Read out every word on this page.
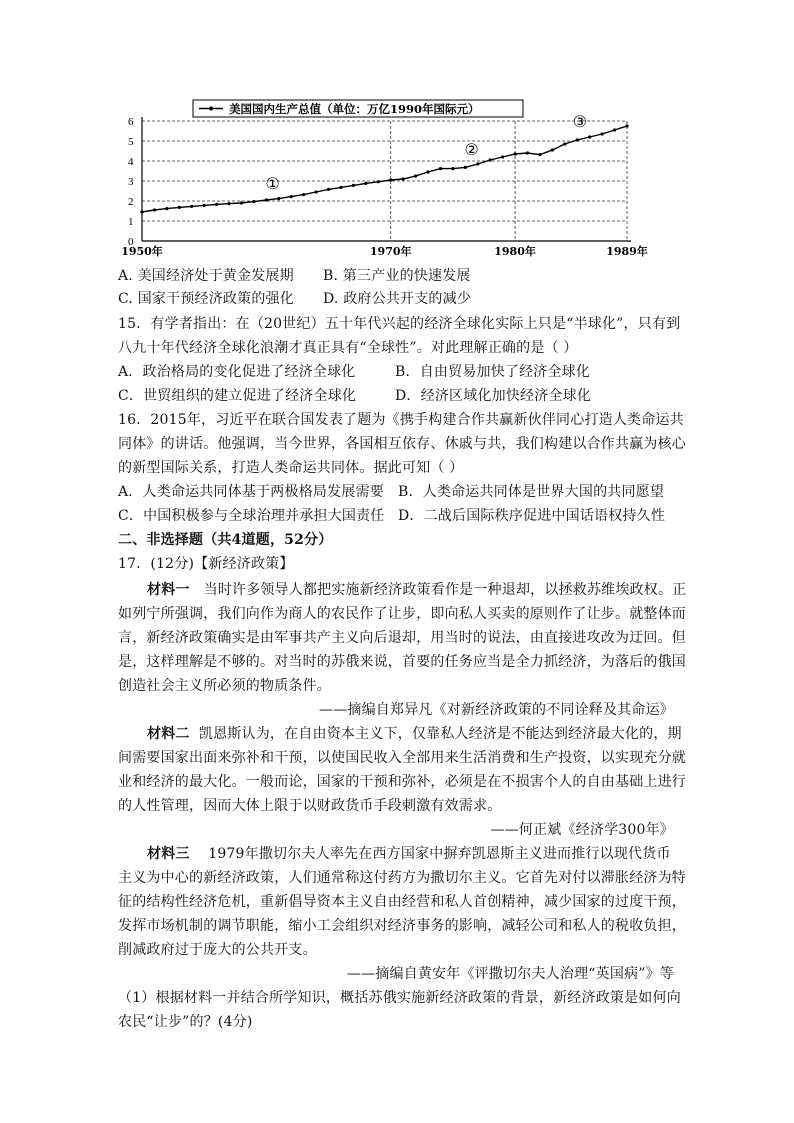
0
1
2
3
4
5
6
1950年	1970年	1980年	1989年
美国国内生产总值（单位：万亿1990年国际元）
①
②
③
A. 美国经济处于黄金发展期 B. 第三产业的快速发展
C. 国家干预经济政策的强化 D. 政府公共开支的减少
15．有学者指出：在（20世纪）五十年代兴起的经济全球化实际上只是“半球化”，只有到
八九十年代经济全球化浪潮才真正具有“全球性”。对此理解正确的是（ ）
A．政治格局的变化促进了经济全球化	B．自由贸易加快了经济全球化
C．世贸组织的建立促进了经济全球化	D．经济区域化加快经济全球化
16．2015年，习近平在联合国发表了题为《携手构建合作共赢新伙伴同心打造人类命运共
同体》的讲话。他强调，当今世界，各国相互依存、休戚与共，我们构建以合作共赢为核心
的新型国际关系，打造人类命运共同体。据此可知（ ）
A．人类命运共同体基于两极格局发展需要 B．人类命运共同体是世界大国的共同愿望
C．中国积极参与全球治理并承担大国责任 D．二战后国际秩序促进中国话语权持久性
二、非选择题（共4道题，52分）
17．(12分)【新经济政策】
材料一 当时许多领导人都把实施新经济政策看作是一种退却，以拯救苏维埃政权。正
如列宁所强调，我们向作为商人的农民作了让步，即向私人买卖的原则作了让步。就整体而
言，新经济政策确实是由军事共产主义向后退却，用当时的说法，由直接进攻改为迂回。但
是，这样理解是不够的。对当时的苏俄来说，首要的任务应当是全力抓经济，为落后的俄国
创造社会主义所必须的物质条件。
——摘编自郑异凡《对新经济政策的不同诠释及其命运》
材料二 凯恩斯认为，在自由资本主义下，仅靠私人经济是不能达到经济最大化的，期
间需要国家出面来弥补和干预，以使国民收入全部用来生活消费和生产投资，以实现充分就
业和经济的最大化。一般而论，国家的干预和弥补，必须是在不损害个人的自由基础上进行
的人性管理，因而大体上限于以财政货币手段刺激有效需求。
——何正斌《经济学300年》
材料三 1979年撒切尔夫人率先在西方国家中摒弃凯恩斯主义进而推行以现代货币
主义为中心的新经济政策，人们通常称这付药方为撒切尔主义。它首先对付以滞胀经济为特
征的结构性经济危机，重新倡导资本主义自由经营和私人首创精神，减少国家的过度干预，
发挥市场机制的调节职能，缩小工会组织对经济事务的影响，减轻公司和私人的税收负担，
削减政府过于庞大的公共开支。
——摘编自黄安年《评撒切尔夫人治理“英国病”》等
（1）根据材料一并结合所学知识，概括苏俄实施新经济政策的背景，新经济政策是如何向
农民“让步”的？(4分)
